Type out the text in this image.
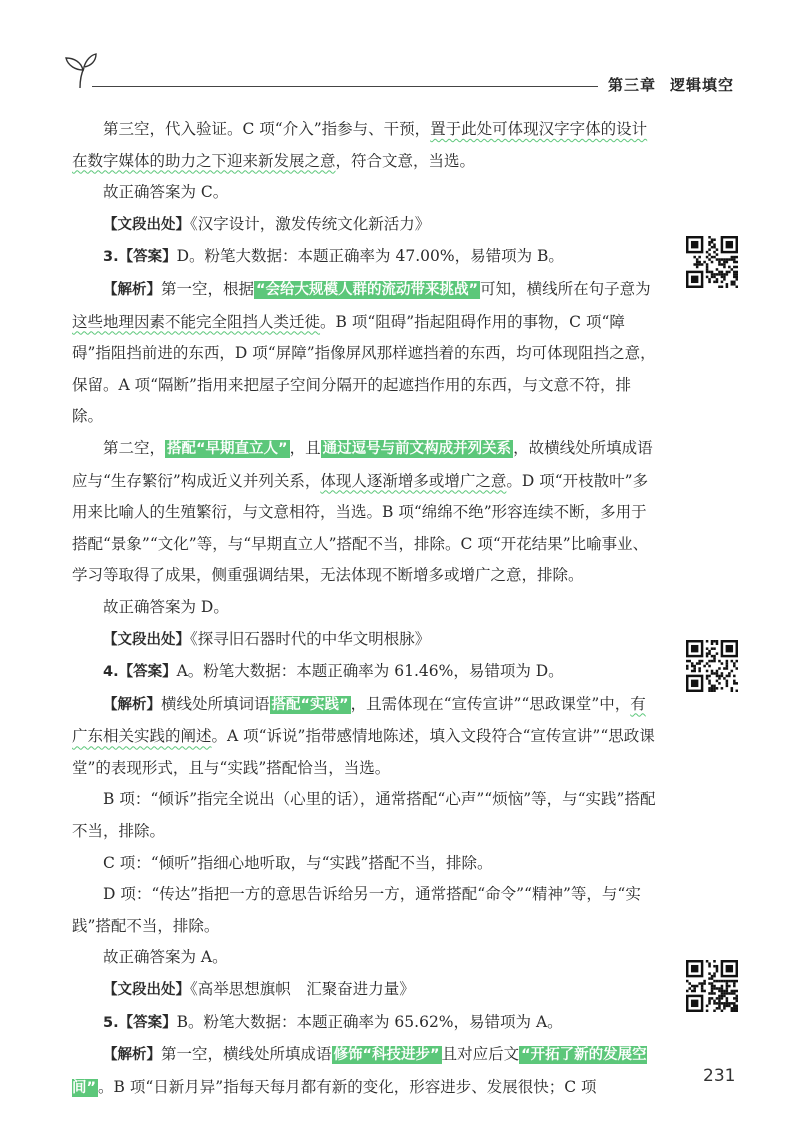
第三章 逻辑填空

第三空，代入验证。C 项“介入”指参与、干预，置于此处可体现汉字字体的设计在数字媒体的助力之下迎来新发展之意，符合文意，当选。

故正确答案为 C。

【文段出处】《汉字设计，激发传统文化新活力》

3.【答案】D。粉笔大数据：本题正确率为 47.00%，易错项为 B。

【解析】第一空，根据 “会给大规模人群的流动带来挑战” 可知，横线所在句子意为这些地理因素不能完全阻挡人类迁徙。B 项“阻碍”指起阻碍作用的事物，C 项“障碍”指阻挡前进的东西，D 项“屏障”指像屏风那样遮挡着的东西，均可体现阻挡之意，保留。A 项“隔断”指用来把屋子空间分隔开的起遮挡作用的东西，与文意不符，排除。

第二空， 搭配“早期直立人” ，且 通过逗号与前文构成并列关系 ，故横线处所填成语应与“生存繁衍”构成近义并列关系，体现人逐渐增多或增广之意。D 项“开枝散叶”多用来比喻人的生殖繁衍，与文意相符，当选。B 项“绵绵不绝”形容连续不断，多用于搭配“景象”“文化”等，与“早期直立人”搭配不当，排除。C 项“开花结果”比喻事业、学习等取得了成果，侧重强调结果，无法体现不断增多或增广之意，排除。

故正确答案为 D。

【文段出处】《探寻旧石器时代的中华文明根脉》

4.【答案】A。粉笔大数据：本题正确率为 61.46%，易错项为 D。

【解析】横线处所填词语 搭配“实践” ，且需体现在“宣传宣讲”“思政课堂”中，有广东相关实践的阐述。A 项“诉说”指带感情地陈述，填入文段符合“宣传宣讲”“思政课堂”的表现形式，且与“实践”搭配恰当，当选。

B 项：“倾诉”指完全说出（心里的话），通常搭配“心声”“烦恼”等，与“实践”搭配不当，排除。

C 项：“倾听”指细心地听取，与“实践”搭配不当，排除。

D 项：“传达”指把一方的意思告诉给另一方，通常搭配“命令”“精神”等，与“实践”搭配不当，排除。

故正确答案为 A。

【文段出处】《高举思想旗帜　汇聚奋进力量》

5.【答案】B。粉笔大数据：本题正确率为 65.62%，易错项为 A。

【解析】第一空，横线处所填成语 修饰“科技进步” 且对应后文 “开拓了新的发展空间” 。B 项“日新月异”指每天每月都有新的变化，形容进步、发展很快；C 项

231
